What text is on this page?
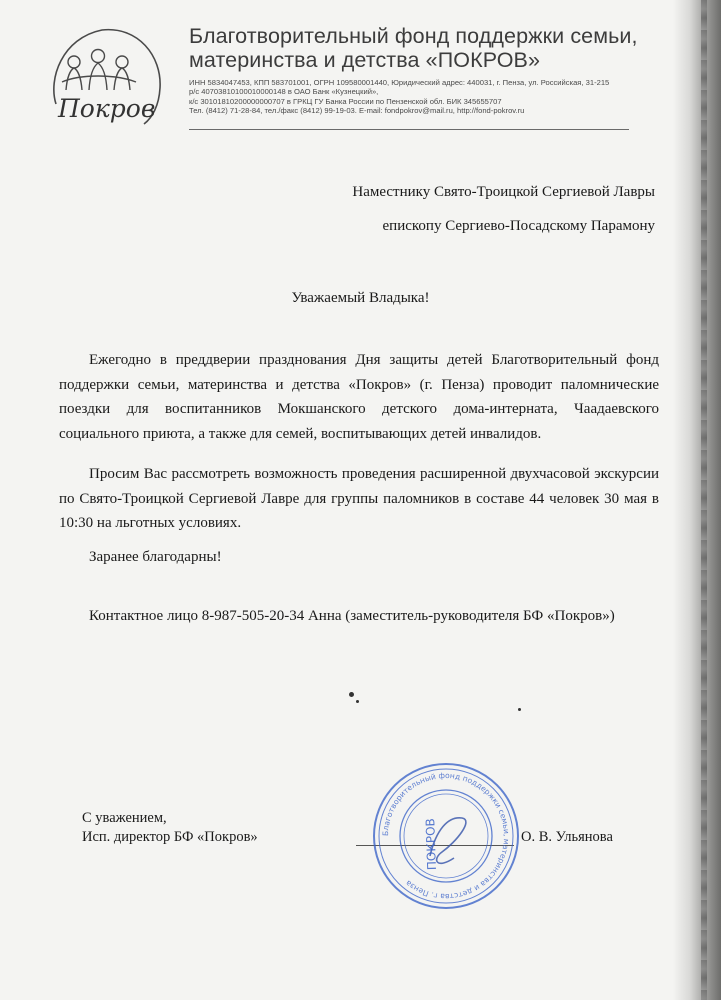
Покров
Благотворительный фонд поддержки семьи, материнства и детства «ПОКРОВ»
ИНН 5834047453, КПП 583701001, ОГРН 109580001440, Юридический адрес: 440031, г. Пенза, ул. Российская, 31-215
р/с 40703810100010000148 в ОАО Банк «Кузнецкий»,
к/с 30101810200000000707 в ГРКЦ ГУ Банка России по Пензенской обл. БИК 345655707
Тел. (8412) 71-28-84, тел./факс (8412) 99-19-03. E-mail: fondpokrov@mail.ru, http://fond-pokrov.ru
Наместнику Свято-Троицкой Сергиевой Лавры
епископу Сергиево-Посадскому Парамону
Уважаемый Владыка!
Ежегодно в преддверии празднования Дня защиты детей Благотворительный фонд поддержки семьи, материнства и детства «Покров» (г. Пенза) проводит паломнические поездки для воспитанников Мокшанского детского дома-интерната, Чаадаевского социального приюта, а также для семей, воспитывающих детей инвалидов.
Просим Вас рассмотреть возможность проведения расширенной двухчасовой экскурсии по Свято-Троицкой Сергиевой Лавре для группы паломников в составе 44 человек 30 мая в 10:30 на льготных условиях.
Заранее благодарны!
Контактное лицо 8-987-505-20-34 Анна (заместитель-руководителя БФ «Покров»)
С уважением,
Исп. директор БФ «Покров»	О. В. Ульянова
Благотворительный фонд поддержки семьи, материнства и детства г. Пенза
ПОКРОВ
